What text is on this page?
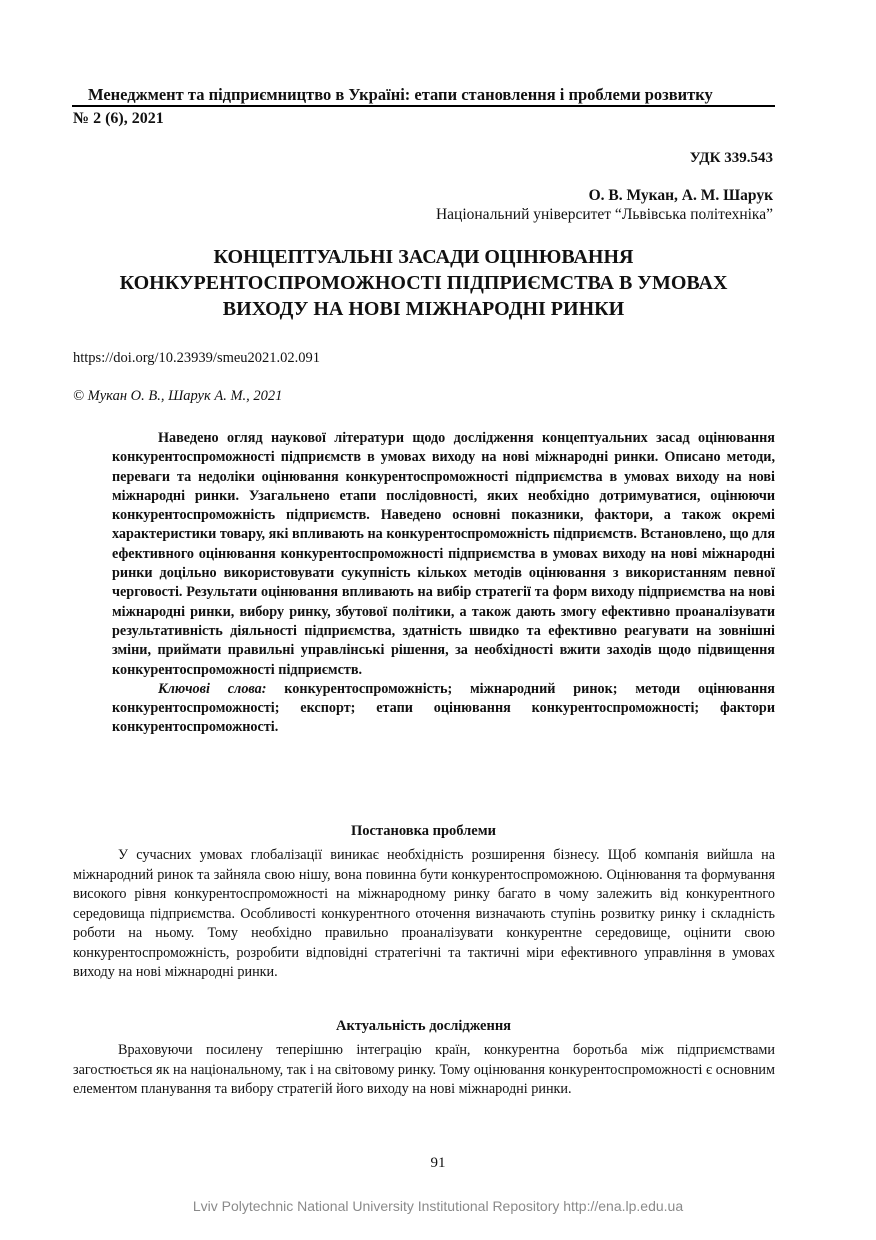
Менеджмент та підприємництво в Україні: етапи становлення і проблеми розвитку
№ 2 (6), 2021
УДК 339.543
О. В. Мукан, А. М. Шарук
Національний університет “Львівська політехніка”
КОНЦЕПТУАЛЬНІ ЗАСАДИ ОЦІНЮВАННЯ
КОНКУРЕНТОСПРОМОЖНОСТІ ПІДПРИЄМСТВА В УМОВАХ
ВИХОДУ НА НОВІ МІЖНАРОДНІ РИНКИ
https://doi.org/10.23939/smeu2021.02.091
© Мукан О. В., Шарук А. М., 2021

Наведено огляд наукової літератури щодо дослідження концептуальних засад оцінювання конкурентоспроможності підприємств в умовах виходу на нові міжнародні ринки. Описано методи, переваги та недоліки оцінювання конкурентоспроможності підприємства в умовах виходу на нові міжнародні ринки. Узагальнено етапи послідовності, яких необхідно дотримуватися, оцінюючи конкурентоспроможність підприємств. Наведено основні показники, фактори, а також окремі характеристики товару, які впливають на конкурентоспроможність підприємств. Встановлено, що для ефективного оцінювання конкурентоспроможності підприємства в умовах виходу на нові міжнародні ринки доцільно використовувати сукупність кількох методів оцінювання з використанням певної черговості. Результати оцінювання впливають на вибір стратегії та форм виходу підприємства на нові міжнародні ринки, вибору ринку, збутової політики, а також дають змогу ефективно проаналізувати результативність діяльності підприємства, здатність швидко та ефективно реагувати на зовнішні зміни, приймати правильні управлінські рішення, за необхідності вжити заходів щодо підвищення конкурентоспроможності підприємств.

Ключові слова: конкурентоспроможність; міжнародний ринок; методи оцінювання конкурентоспроможності; експорт; етапи оцінювання конкурентоспроможності; фактори конкурентоспроможності.

Постановка проблеми

У сучасних умовах глобалізації виникає необхідність розширення бізнесу. Щоб компанія вийшла на міжнародний ринок та зайняла свою нішу, вона повинна бути конкурентоспроможною. Оцінювання та формування високого рівня конкурентоспроможності на міжнародному ринку багато в чому залежить від конкурентного середовища підприємства. Особливості конкурентного оточення визначають ступінь розвитку ринку і складність роботи на ньому. Тому необхідно правильно проаналізувати конкурентне середовище, оцінити свою конкурентоспроможність, розробити відповідні стратегічні та тактичні міри ефективного управління в умовах виходу на нові міжнародні ринки.

Актуальність дослідження

Враховуючи посилену теперішню інтеграцію країн, конкурентна боротьба між підприємствами загостюється як на національному, так і на світовому ринку. Тому оцінювання конкурентоспроможності є основним елементом планування та вибору стратегій його виходу на нові міжнародні ринки.

91
Lviv Polytechnic National University Institutional Repository http://ena.lp.edu.ua
